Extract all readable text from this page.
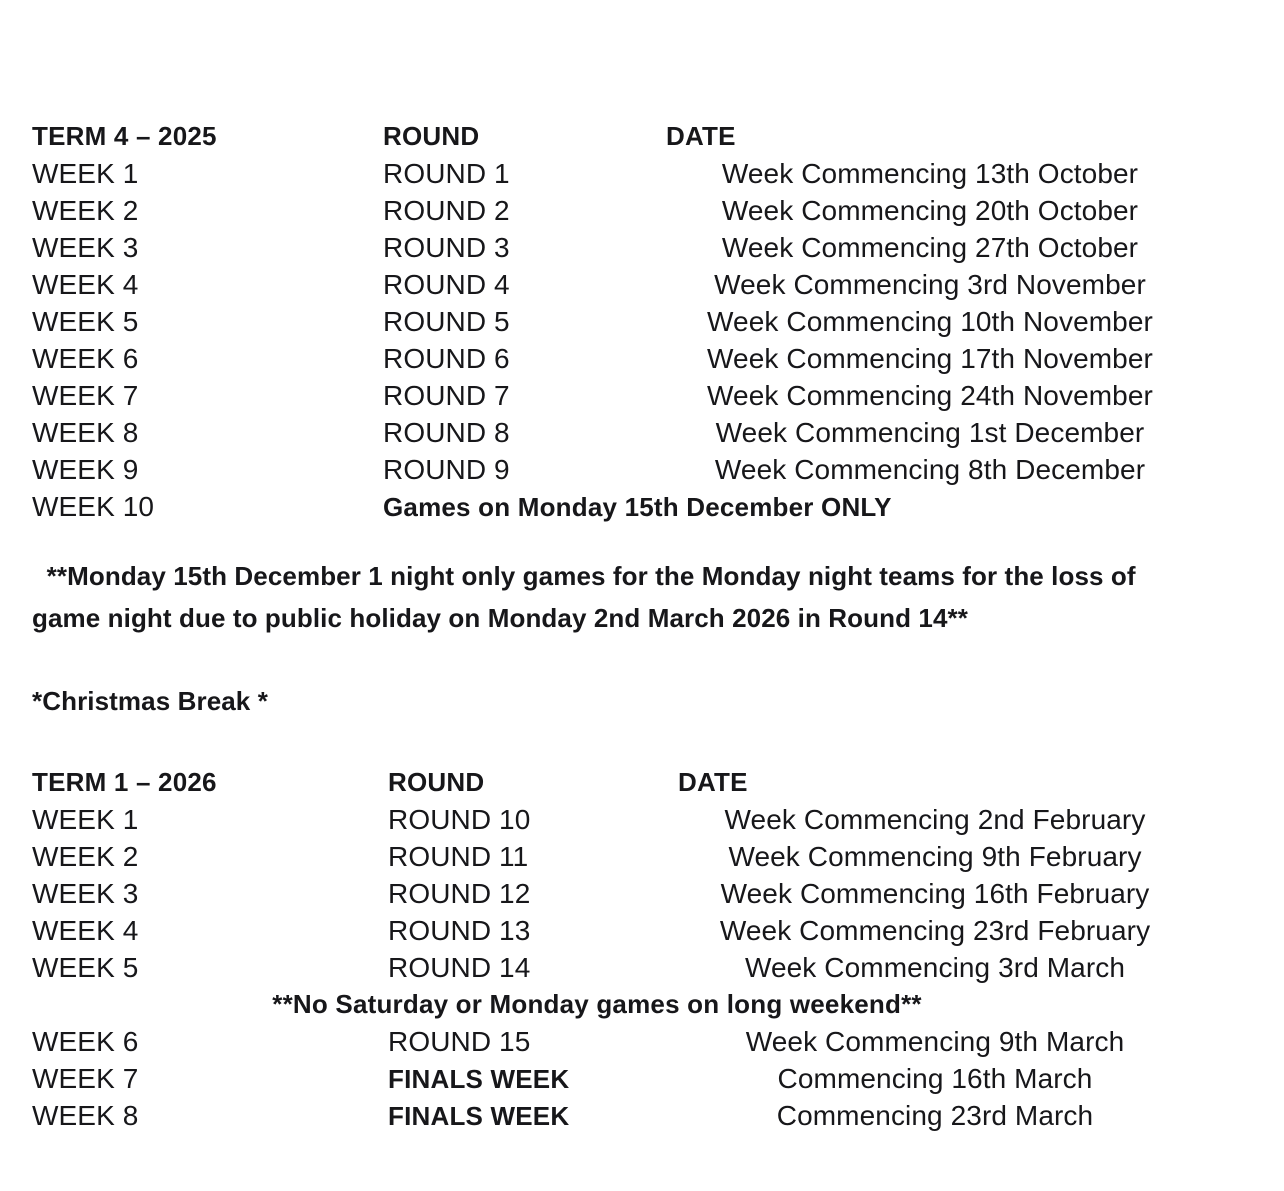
TERM 4 – 2025	ROUND	DATE
WEEK 1	ROUND 1	Week Commencing 13th October
WEEK 2	ROUND 2	Week Commencing 20th October
WEEK 3	ROUND 3	Week Commencing 27th October
WEEK 4	ROUND 4	Week Commencing 3rd November
WEEK 5	ROUND 5	Week Commencing 10th November
WEEK 6	ROUND 6	Week Commencing 17th November
WEEK 7	ROUND 7	Week Commencing 24th November
WEEK 8	ROUND 8	Week Commencing 1st December
WEEK 9	ROUND 9	Week Commencing 8th December
WEEK 10	Games on Monday 15th December ONLY
**Monday 15th December 1 night only games for the Monday night teams for the loss of   game night due to public holiday on Monday 2nd March 2026 in Round 14**
*Christmas Break *
TERM 1 – 2026	ROUND	DATE
WEEK 1	ROUND 10	Week Commencing 2nd February
WEEK 2	ROUND 11	Week Commencing 9th February
WEEK 3	ROUND 12	Week Commencing 16th February
WEEK 4	ROUND 13	Week Commencing 23rd February
WEEK 5	ROUND 14	Week Commencing 3rd March
**No Saturday or Monday games on long weekend**
WEEK 6	ROUND 15	Week Commencing 9th March
WEEK 7	FINALS WEEK	Commencing 16th March
WEEK 8	FINALS WEEK	Commencing 23rd March
